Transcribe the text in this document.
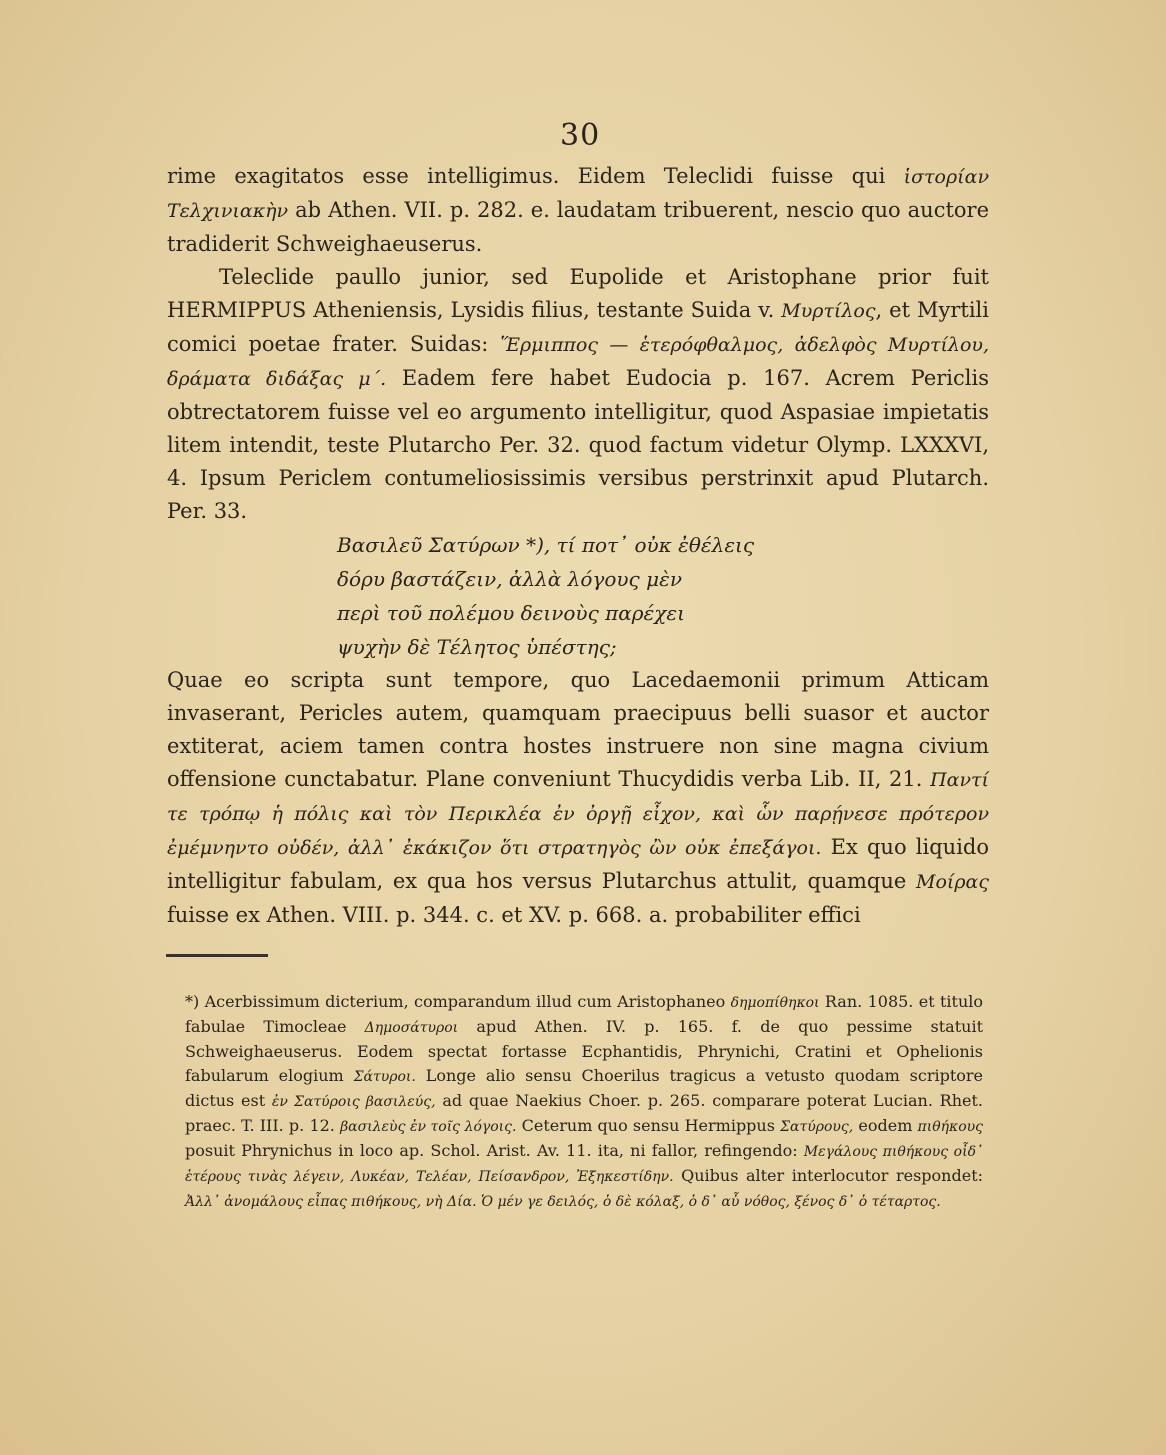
30

rime exagitatos esse intelligimus. Eidem Teleclidi fuisse qui ἱστορίαν Τελχινιακὴν ab Athen. VII. p. 282. e. laudatam tribuerent, nescio quo auctore tradiderit Schweighaeuserus.

Teleclide paullo junior, sed Eupolide et Aristophane prior fuit HERMIPPUS Atheniensis, Lysidis filius, testante Suida v. Μυρτίλος, et Myrtili comici poetae frater. Suidas: Ἕρμιππος — ἑτερόφθαλμος, ἀδελφὸς Μυρτίλου, δράματα διδάξας μ΄. Eadem fere habet Eudocia p. 167. Acrem Periclis obtrectatorem fuisse vel eo argumento intelligitur, quod Aspasiae impietatis litem intendit, teste Plutarcho Per. 32. quod factum videtur Olymp. LXXXVI, 4. Ipsum Periclem contumeliosissimis versibus perstrinxit apud Plutarch. Per. 33.

Βασιλεῦ Σατύρων *), τί ποτ᾽ οὐκ ἐθέλεις
δόρυ βαστάζειν, ἀλλὰ λόγους μὲν
περὶ τοῦ πολέμου δεινοὺς παρέχει
ψυχὴν δὲ Τέλητος ὑπέστης;

Quae eo scripta sunt tempore, quo Lacedaemonii primum Atticam invaserant, Pericles autem, quamquam praecipuus belli suasor et auctor extiterat, aciem tamen contra hostes instruere non sine magna civium offensione cunctabatur. Plane conveniunt Thucydidis verba Lib. II, 21. Παντί τε τρόπῳ ἡ πόλις καὶ τὸν Περικλέα ἐν ὀργῇ εἶχον, καὶ ὧν παρῄνεσε πρότερον ἐμέμνηντο οὐδέν, ἀλλ᾽ ἐκάκιζον ὅτι στρατηγὸς ὢν οὐκ ἐπεξάγοι. Ex quo liquido intelligitur fabulam, ex qua hos versus Plutarchus attulit, quamque Μοίρας fuisse ex Athen. VIII. p. 344. c. et XV. p. 668. a. probabiliter effici

*) Acerbissimum dicterium, comparandum illud cum Aristophaneo δημοπίθηκοι Ran. 1085. et titulo fabulae Timocleae Δημοσάτυροι apud Athen. IV. p. 165. f. de quo pessime statuit Schweighaeuserus. Eodem spectat fortasse Ecphantidis, Phrynichi, Cratini et Ophelionis fabularum elogium Σάτυροι. Longe alio sensu Choerilus tragicus a vetusto quodam scriptore dictus est ἐν Σατύροις βασιλεύς, ad quae Naekius Choer. p. 265. comparare poterat Lucian. Rhet. praec. T. III. p. 12. βασιλεὺς ἐν τοῖς λόγοις. Ceterum quo sensu Hermippus Σατύρους, eodem πιθήκους posuit Phrynichus in loco ap. Schol. Arist. Av. 11. ita, ni fallor, refingendo: Μεγάλους πιθήκους οἶδ᾽ ἑτέρους τινὰς λέγειν, Λυκέαν, Τελέαν, Πείσανδρον, Ἐξηκεστίδην. Quibus alter interlocutor respondet: Ἀλλ᾽ ἀνομάλους εἶπας πιθήκους, νὴ Δία. Ὁ μέν γε δειλός, ὁ δὲ κόλαξ, ὁ δ᾽ αὖ νόθος, ξένος δ᾽ ὁ τέταρτος.
